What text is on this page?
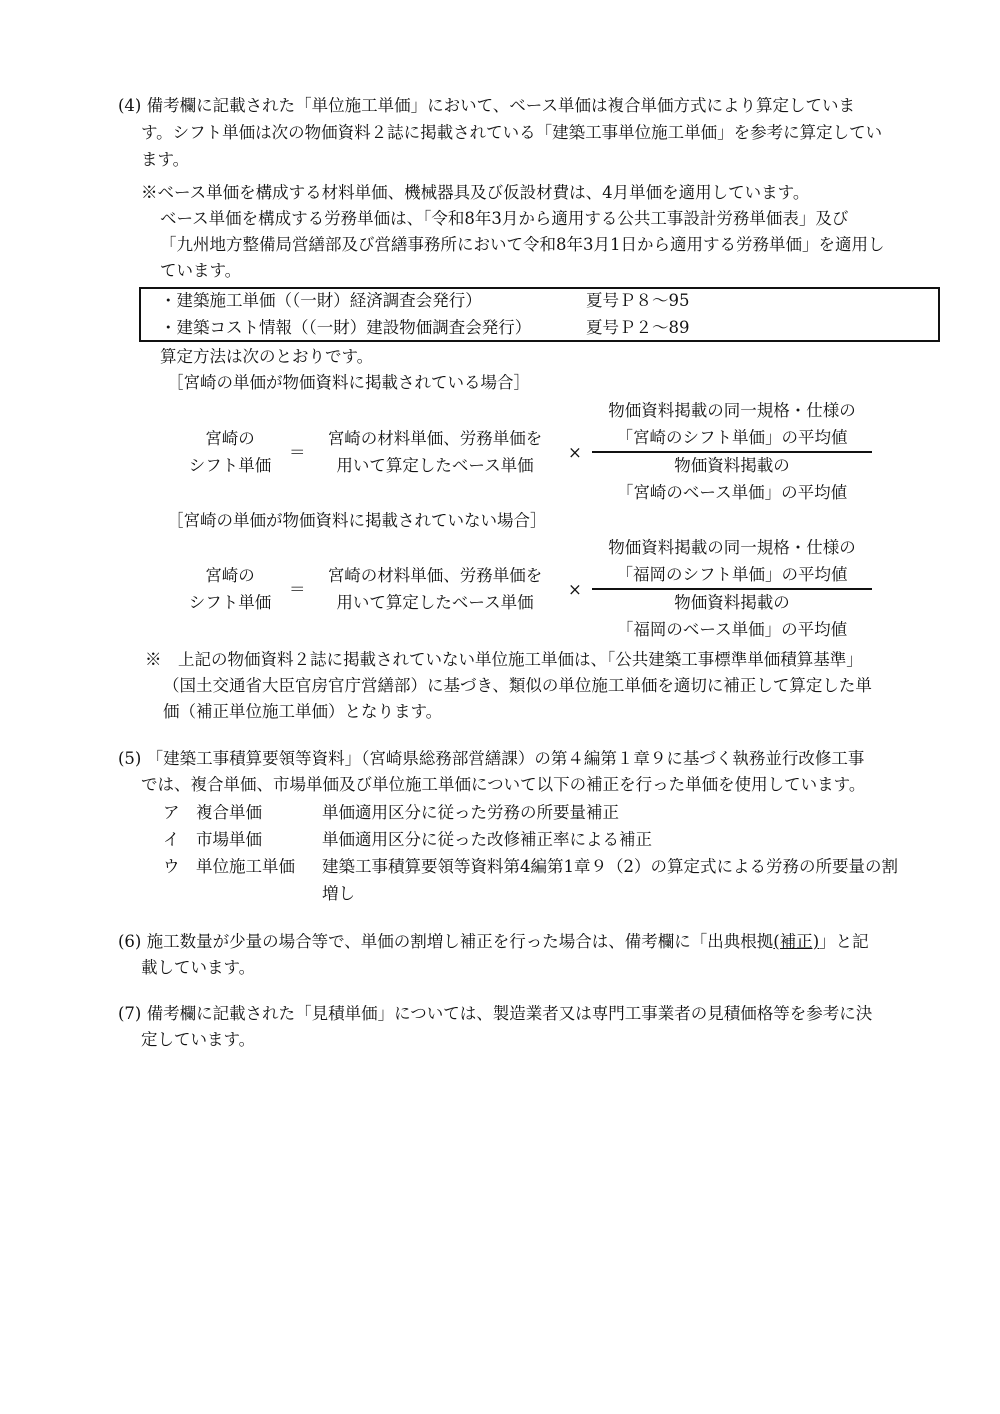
(4) 備考欄に記載された「単位施工単価」において、ベース単価は複合単価方式により算定していま
す。シフト単価は次の物価資料２誌に掲載されている「建築工事単位施工単価」を参考に算定してい
ます。
※ベース単価を構成する材料単価、機械器具及び仮設材費は、4月単価を適用しています。
ベース単価を構成する労務単価は、「令和8年3月から適用する公共工事設計労務単価表」及び
「九州地方整備局営繕部及び営繕事務所において令和8年3月1日から適用する労務単価」を適用し
ています。
・建築施工単価（（一財）経済調査会発行）	夏号Ｐ８～95
・建築コスト情報（（一財）建設物価調査会発行）	夏号Ｐ２～89
算定方法は次のとおりです。
［宮崎の単価が物価資料に掲載されている場合］
宮崎の
シフト単価
＝
宮崎の材料単価、労務単価を
用いて算定したベース単価
×
物価資料掲載の同一規格・仕様の
「宮崎のシフト単価」の平均値
物価資料掲載の
「宮崎のベース単価」の平均値
［宮崎の単価が物価資料に掲載されていない場合］
宮崎の
シフト単価
＝
宮崎の材料単価、労務単価を
用いて算定したベース単価
×
物価資料掲載の同一規格・仕様の
「福岡のシフト単価」の平均値
物価資料掲載の
「福岡のベース単価」の平均値
※　上記の物価資料２誌に掲載されていない単位施工単価は、「公共建築工事標準単価積算基準」
（国土交通省大臣官房官庁営繕部）に基づき、類似の単位施工単価を適切に補正して算定した単
価（補正単位施工単価）となります。
(5) 「建築工事積算要領等資料」（宮崎県総務部営繕課）の第４編第１章９に基づく執務並行改修工事
では、複合単価、市場単価及び単位施工単価について以下の補正を行った単価を使用しています。
ア 複合単価	単価適用区分に従った労務の所要量補正
イ 市場単価	単価適用区分に従った改修補正率による補正
ウ 単位施工単価 建築工事積算要領等資料第4編第1章９（2）の算定式による労務の所要量の割
増し
(6) 施工数量が少量の場合等で、単価の割増し補正を行った場合は、備考欄に「出典根拠(補正)」と記
載しています。
(7) 備考欄に記載された「見積単価」については、製造業者又は専門工事業者の見積価格等を参考に決
定しています。
